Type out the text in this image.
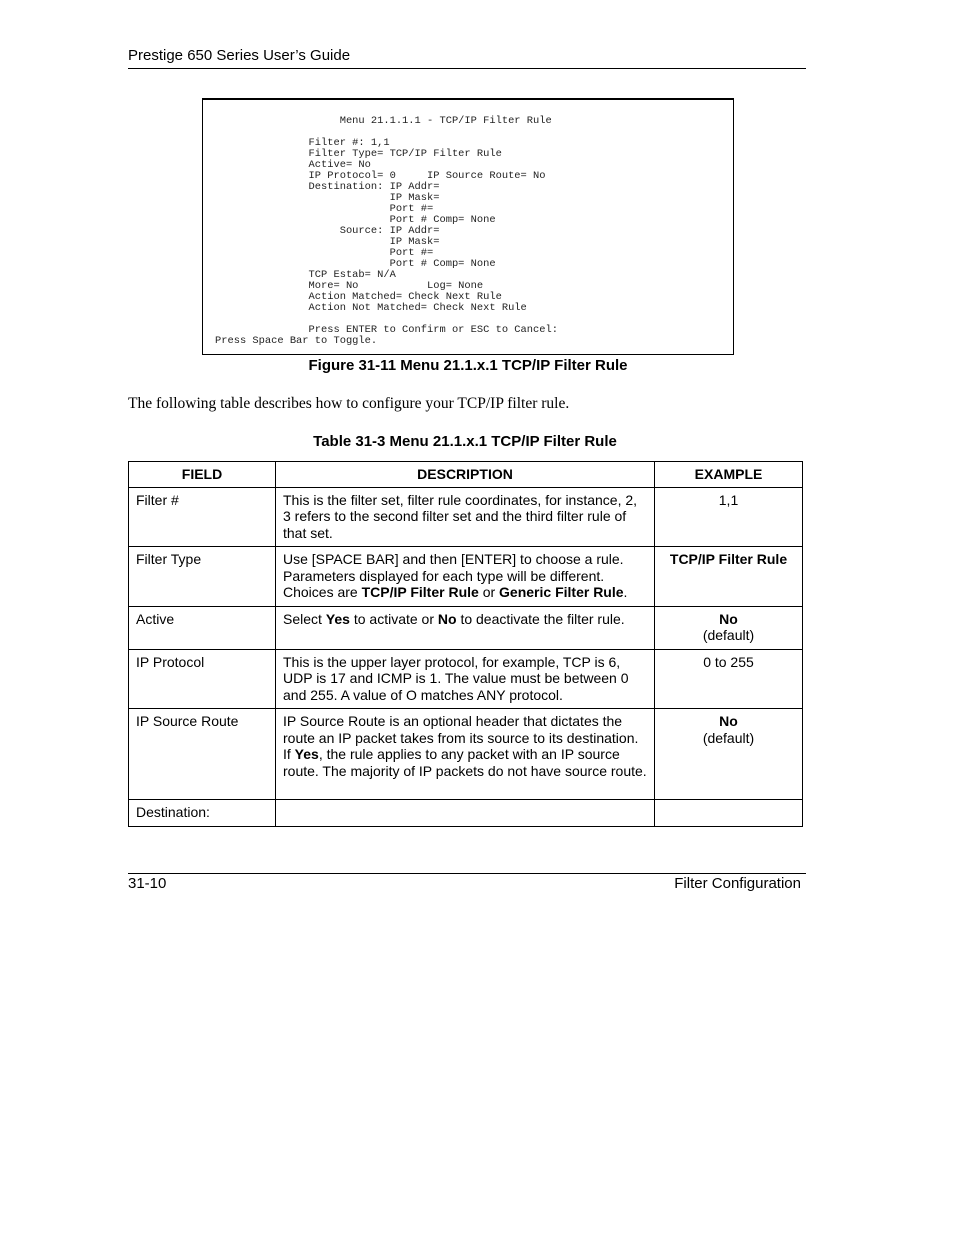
Prestige 650 Series User’s Guide
Menu 21.1.1.1 - TCP/IP Filter Rule

Filter #: 1,1
Filter Type= TCP/IP Filter Rule
Active= No
IP Protocol= 0     IP Source Route= No
Destination: IP Addr=
IP Mask=
Port #=
Port # Comp= None
Source: IP Addr=
IP Mask=
Port #=
Port # Comp= None
TCP Estab= N/A
More= No           Log= None
Action Matched= Check Next Rule
Action Not Matched= Check Next Rule

Press ENTER to Confirm or ESC to Cancel:
Press Space Bar to Toggle.
Figure 31-11 Menu 21.1.x.1 TCP/IP Filter Rule
The following table describes how to configure your TCP/IP filter rule.
Table 31-3 Menu 21.1.x.1 TCP/IP Filter Rule
FIELD	DESCRIPTION	EXAMPLE
Filter #	This is the filter set, filter rule coordinates, for instance, 2, 3 refers to the second filter set and the third filter rule of that set.	1,1
Filter Type	Use [SPACE BAR] and then [ENTER] to choose a rule. Parameters displayed for each type will be different. Choices are TCP/IP Filter Rule or Generic Filter Rule.	TCP/IP Filter Rule
Active	Select Yes to activate or No to deactivate the filter rule.	No
(default)
IP Protocol	This is the upper layer protocol, for example, TCP is 6, UDP is 17 and ICMP is 1. The value must be between 0 and 255. A value of O matches ANY protocol.	0 to 255
IP Source Route	IP Source Route is an optional header that dictates the route an IP packet takes from its source to its destination. If Yes, the rule applies to any packet with an IP source route. The majority of IP packets do not have source route.	No
(default)
Destination:		
31-10	Filter Configuration
